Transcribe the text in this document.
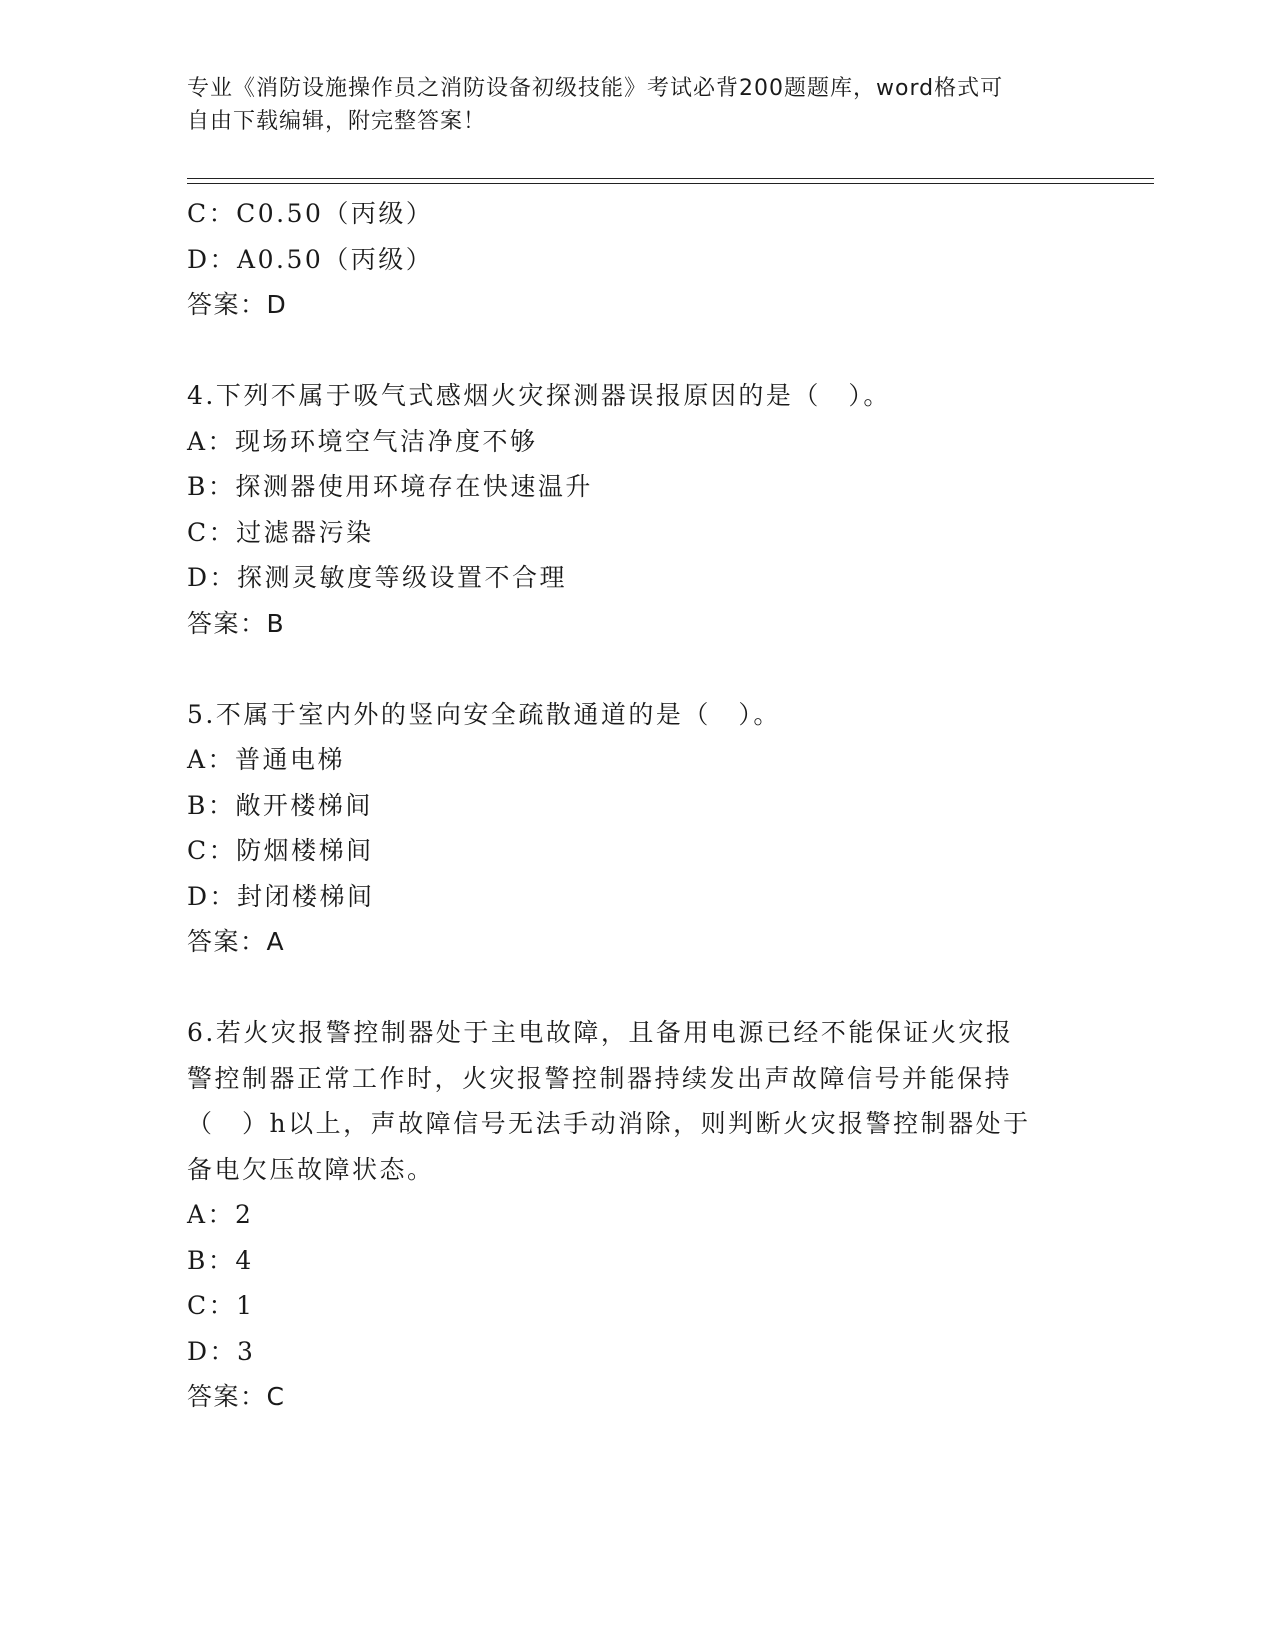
专业《消防设施操作员之消防设备初级技能》考试必背200题题库，word格式可
自由下载编辑，附完整答案！
C：C0.50（丙级）
D：A0.50（丙级）
答案：D
4.下列不属于吸气式感烟火灾探测器误报原因的是（　）。
A：现场环境空气洁净度不够
B：探测器使用环境存在快速温升
C：过滤器污染
D：探测灵敏度等级设置不合理
答案：B
5.不属于室内外的竖向安全疏散通道的是（　）。
A：普通电梯
B：敞开楼梯间
C：防烟楼梯间
D：封闭楼梯间
答案：A
6.若火灾报警控制器处于主电故障，且备用电源已经不能保证火灾报
警控制器正常工作时，火灾报警控制器持续发出声故障信号并能保持
（　）h以上，声故障信号无法手动消除，则判断火灾报警控制器处于
备电欠压故障状态。
A：2
B：4
C：1
D：3
答案：C
